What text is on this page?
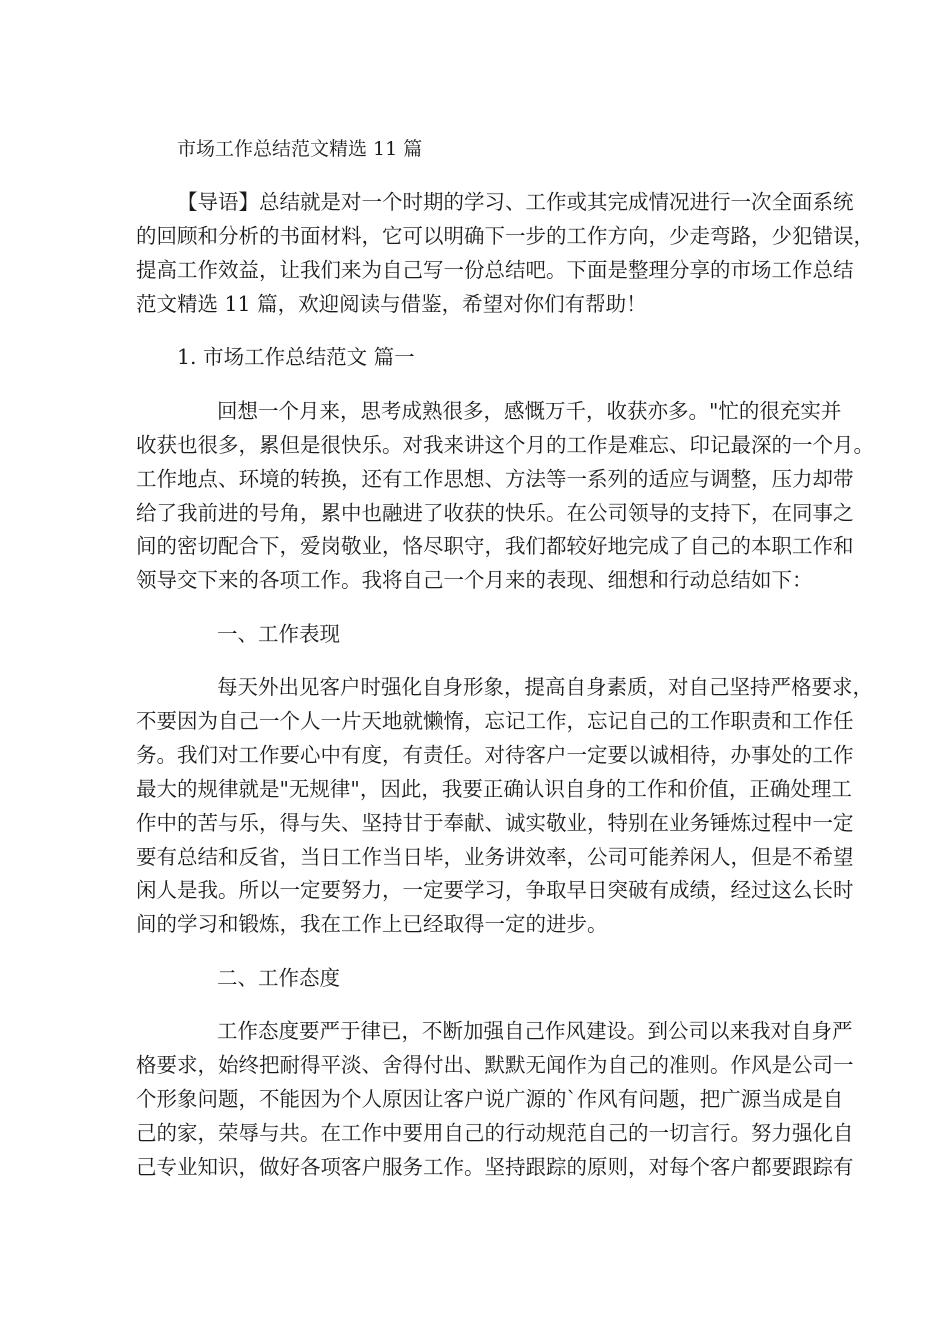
市场工作总结范文精选 11 篇
【导语】总结就是对一个时期的学习、工作或其完成情况进行一次全面系统
的回顾和分析的书面材料，它可以明确下一步的工作方向，少走弯路，少犯错误，
提高工作效益，让我们来为自己写一份总结吧。下面是整理分享的市场工作总结
范文精选 11 篇，欢迎阅读与借鉴，希望对你们有帮助！
1. 市场工作总结范文 篇一
回想一个月来，思考成熟很多，感慨万千，收获亦多。"忙的很充实并
收获也很多，累但是很快乐。对我来讲这个月的工作是难忘、印记最深的一个月。
工作地点、环境的转换，还有工作思想、方法等一系列的适应与调整，压力却带
给了我前进的号角，累中也融进了收获的快乐。在公司领导的支持下，在同事之
间的密切配合下，爱岗敬业，恪尽职守，我们都较好地完成了自己的本职工作和
领导交下来的各项工作。我将自己一个月来的表现、细想和行动总结如下：
一、工作表现
每天外出见客户时强化自身形象，提高自身素质，对自己坚持严格要求，
不要因为自己一个人一片天地就懒惰，忘记工作，忘记自己的工作职责和工作任
务。我们对工作要心中有度，有责任。对待客户一定要以诚相待，办事处的工作
最大的规律就是"无规律"，因此，我要正确认识自身的工作和价值，正确处理工
作中的苦与乐，得与失、坚持甘于奉献、诚实敬业，特别在业务锤炼过程中一定
要有总结和反省，当日工作当日毕，业务讲效率，公司可能养闲人，但是不希望
闲人是我。所以一定要努力，一定要学习，争取早日突破有成绩，经过这么长时
间的学习和锻炼，我在工作上已经取得一定的进步。
二、工作态度
工作态度要严于律已，不断加强自己作风建设。到公司以来我对自身严
格要求，始终把耐得平淡、舍得付出、默默无闻作为自己的准则。作风是公司一
个形象问题，不能因为个人原因让客户说广源的`作风有问题，把广源当成是自
己的家，荣辱与共。在工作中要用自己的行动规范自己的一切言行。努力强化自
己专业知识，做好各项客户服务工作。坚持跟踪的原则，对每个客户都要跟踪有
